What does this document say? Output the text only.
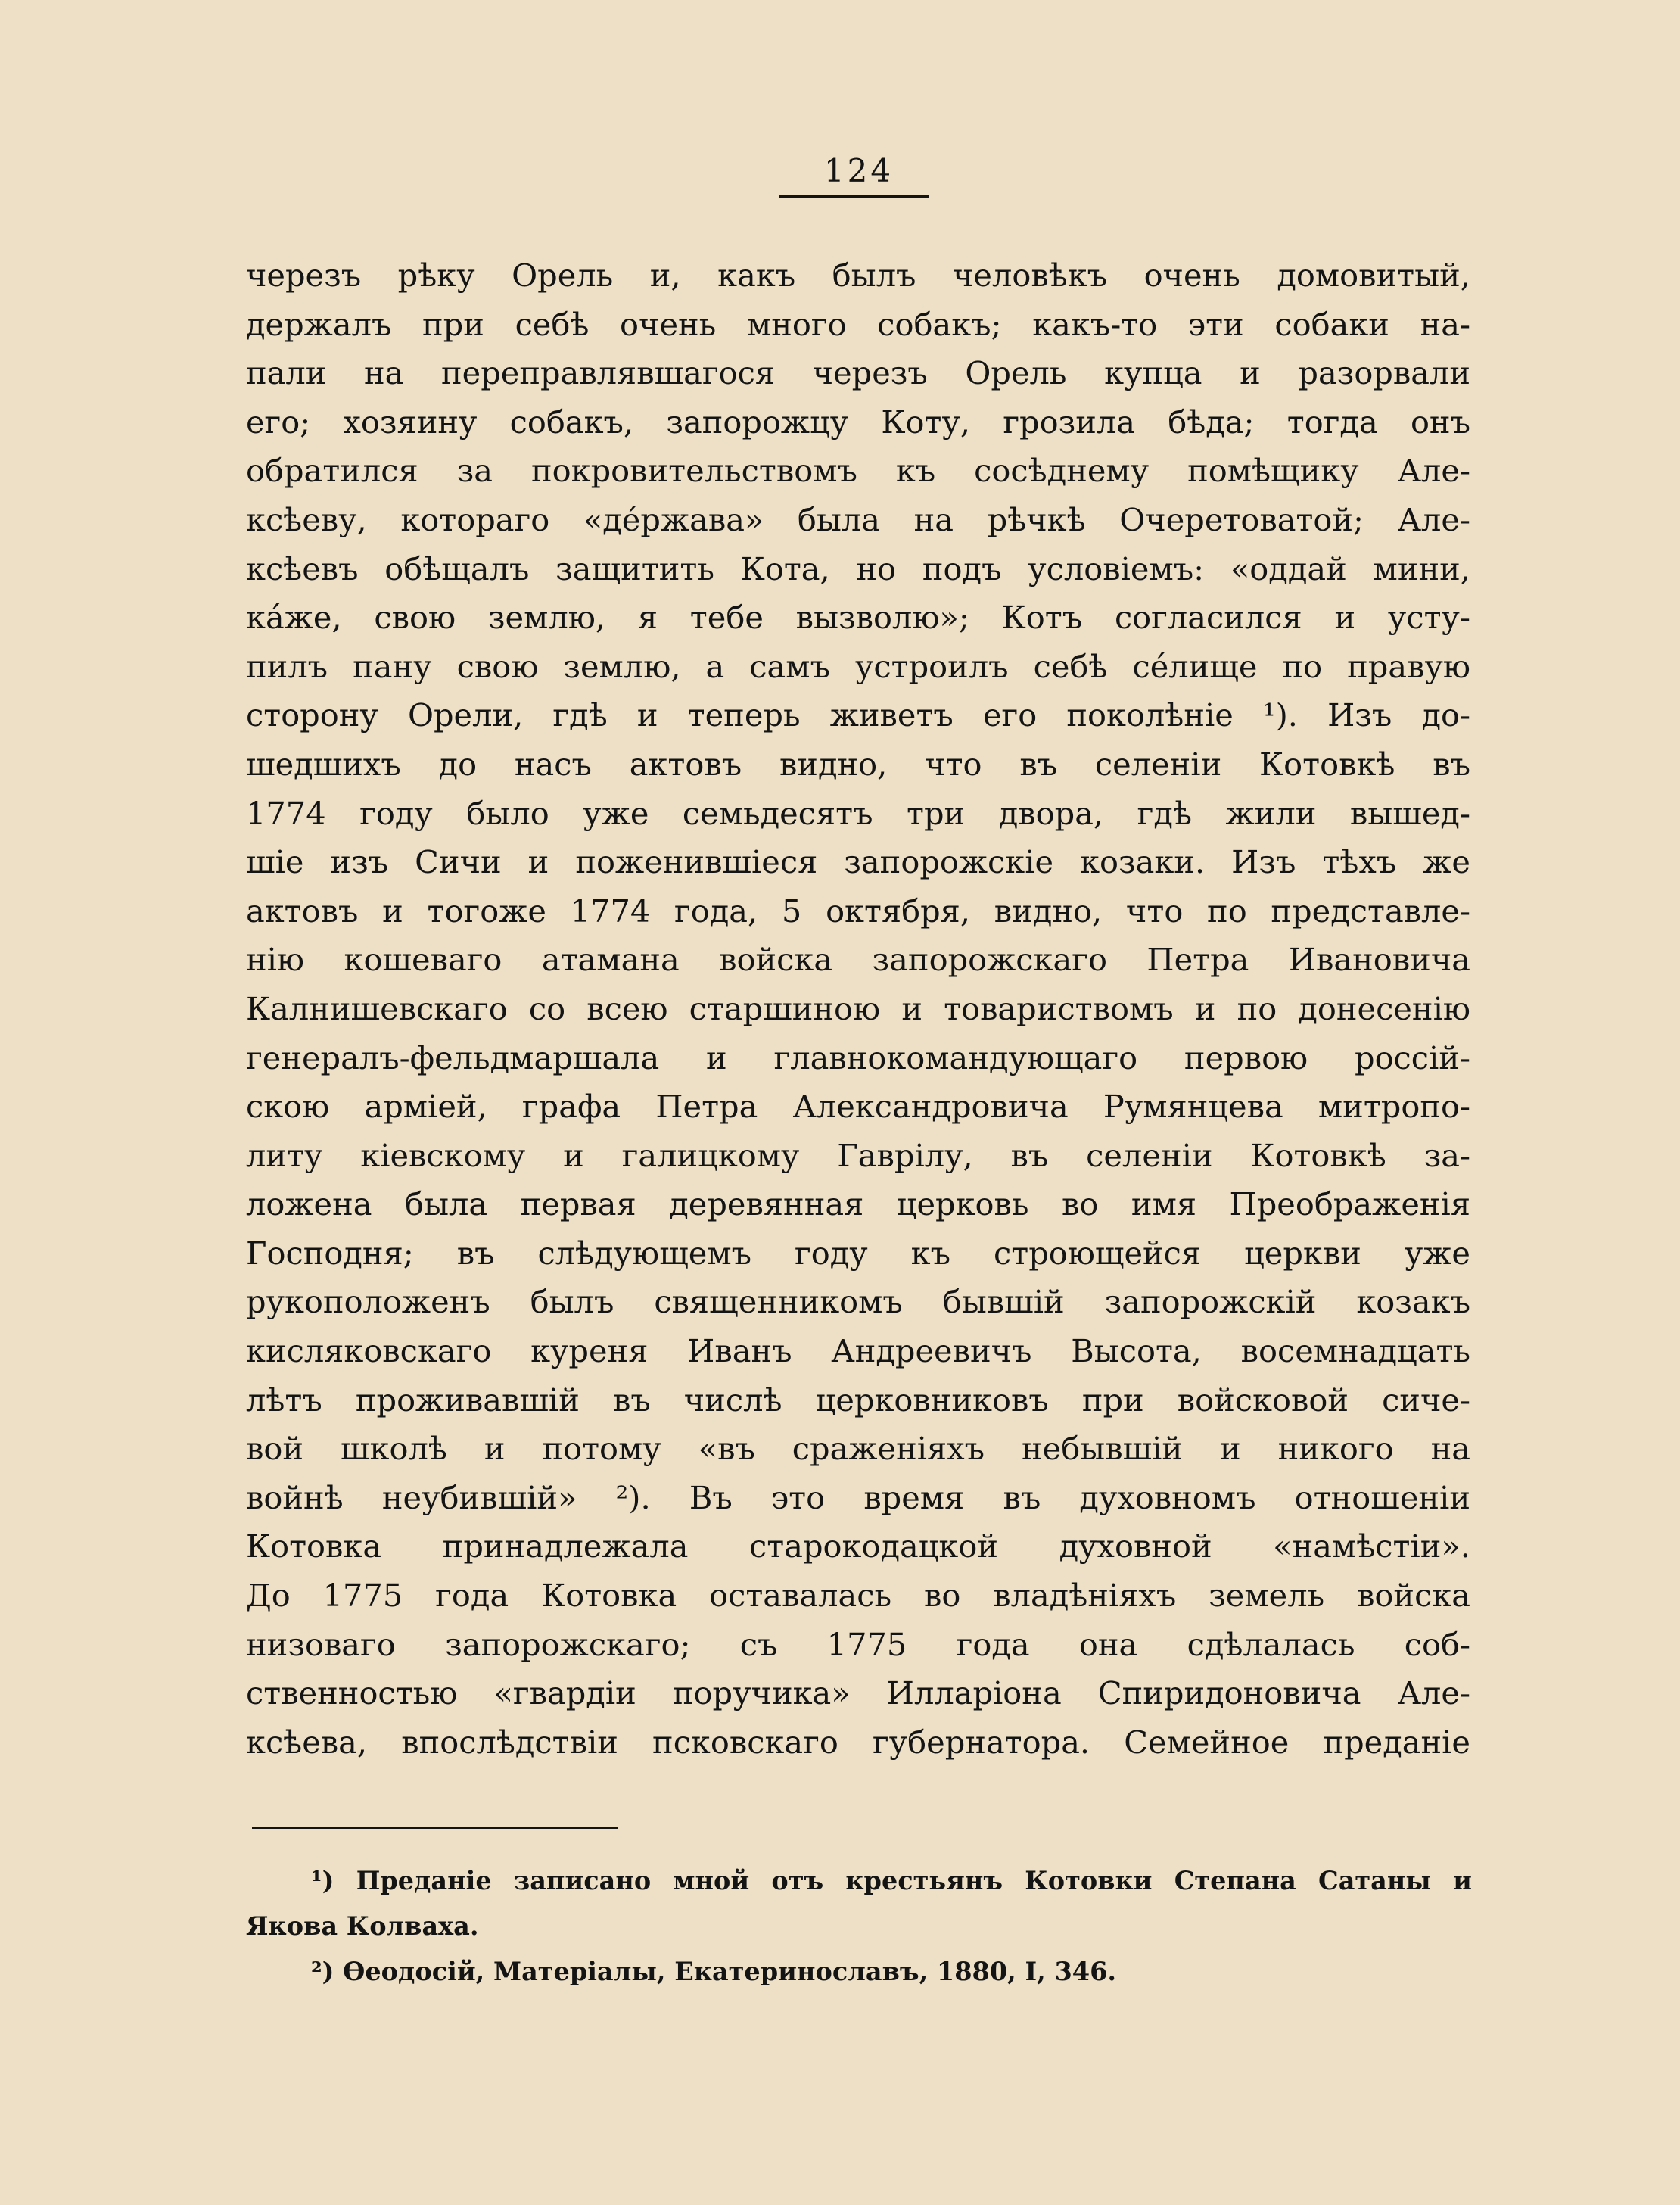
124
черезъ рѣку Орель и, какъ былъ человѣкъ очень домовитый,
держалъ при себѣ очень много собакъ; какъ-то эти собаки на-
пали на переправлявшагося черезъ Орель купца и разорвали
его; хозяину собакъ, запорожцу Коту, грозила бѣда; тогда онъ
обратился за покровительствомъ къ сосѣднему помѣщику Але-
ксѣеву, котораго «дéржава» была на рѣчкѣ Очеретоватой; Але-
ксѣевъ обѣщалъ защитить Кота, но подъ условіемъ: «оддай мини,
кáже, свою землю, я тебе вызволю»; Котъ согласился и усту-
пилъ пану свою землю, а самъ устроилъ себѣ сéлище по правую
сторону Орели, гдѣ и теперь живетъ его поколѣніе ¹). Изъ до-
шедшихъ до насъ актовъ видно, что въ селеніи Котовкѣ въ
1774 году было уже семьдесятъ три двора, гдѣ жили вышед-
шіе изъ Сичи и поженившіеся запорожскіе козаки. Изъ тѣхъ же
актовъ и тогоже 1774 года, 5 октября, видно, что по представле-
нію кошеваго атамана войска запорожскаго Петра Ивановича
Калнишевскаго со всею старшиною и товариствомъ и по донесенію
генералъ-фельдмаршала и главнокомандующаго первою россій-
скою арміей, графа Петра Александровича Румянцева митропо-
литу кіевскому и галицкому Гаврілу, въ селеніи Котовкѣ за-
ложена была первая деревянная церковь во имя Преображенія
Господня; въ слѣдующемъ году къ строющейся церкви уже
рукоположенъ былъ священникомъ бывшій запорожскій козакъ
кисляковскаго куреня Иванъ Андреевичъ Высота, восемнадцать
лѣтъ проживавшій въ числѣ церковниковъ при войсковой сиче-
вой школѣ и потому «въ сраженіяхъ небывшій и никого на
войнѣ неубившій» ²). Въ это время въ духовномъ отношеніи
Котовка принадлежала старокодацкой духовной «намѣстіи».
До 1775 года Котовка оставалась во владѣніяхъ земель войска
низоваго запорожскаго; съ 1775 года она сдѣлалась соб-
ственностью «гвардіи поручика» Илларіона Спиридоновича Але-
ксѣева, впослѣдствіи псковскаго губернатора. Семейное преданіе
¹) Преданіе записано мной отъ крестьянъ Котовки Степана Сатаны и
Якова Колваха.
²) Ѳеодосій, Матеріалы, Екатеринославъ, 1880, I, 346.
